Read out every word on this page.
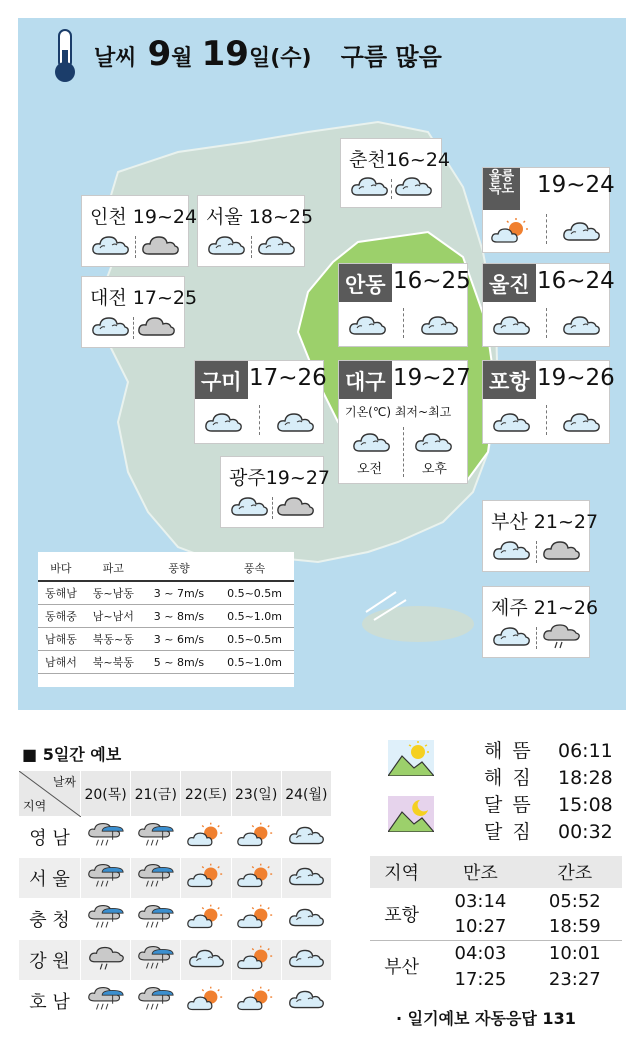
날씨 9월 19일(수) 구름 많음
춘천16~24
인천 19~24 서울 18~25
대전 17~25
울릉
독도 19~24
안동 16~25 울진 16~24
구미 17~26 대구 19~27
기온(℃) 최저~최고
오전	오후
포항 19~26
광주19~27
부산 21~27
제주 21~26
바다	파고	풍향	풍속
동해남	동~남동	3 ~ 7m/s	0.5~0.5m
동해중	남~남서	3 ~ 8m/s	0.5~1.0m
남해동	북동~동	3 ~ 6m/s	0.5~0.5m
남해서	북~북동	5 ~ 8m/s	0.5~1.0m
■ 5일간 예보
날짜
지역	20(목)	21(금)	22(토)	23(일)	24(월)
영 남					
서 울					
충 청					
강 원					
호 남					
해 뜸 06:11
해 짐 18:28
달 뜸 15:08
달 짐 00:32
지역	만조	간조
포항	03:14	05:52
	10:27	18:59
부산	04:03	10:01
	17:25	23:27
· 일기예보 자동응답 131
